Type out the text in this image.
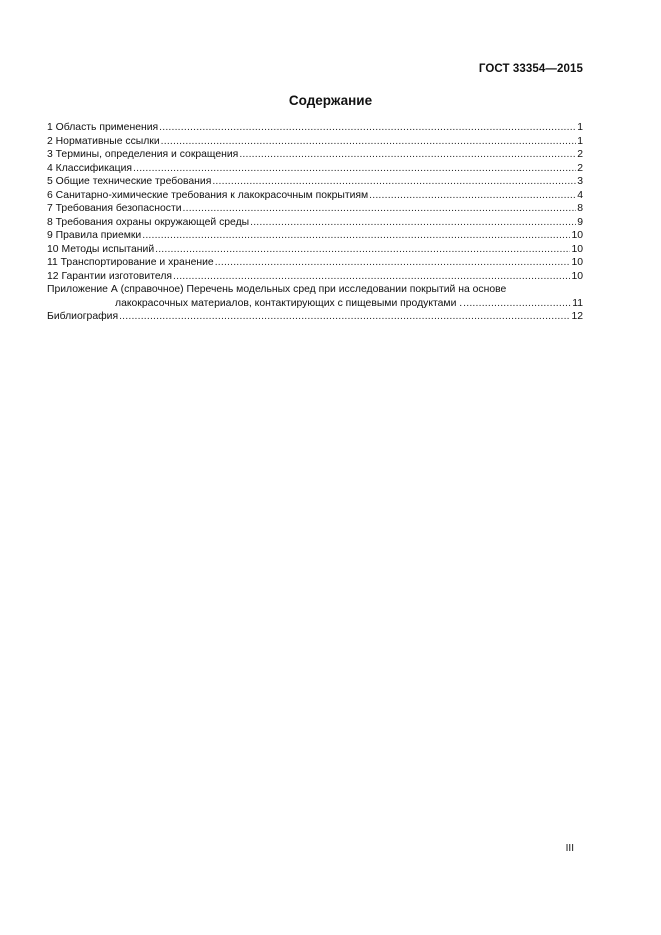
ГОСТ 33354—2015
Содержание
1 Область применения .....	1
2 Нормативные ссылки .....	1
3 Термины, определения и сокращения .....	2
4 Классификация .....	2
5 Общие технические требования .....	3
6 Санитарно-химические требования к лакокрасочным покрытиям .....	4
7 Требования безопасности .....	8
8 Требования охраны окружающей среды .....	9
9 Правила приемки .....	10
10 Методы испытаний .....	10
11 Транспортирование и хранение .....	10
12 Гарантии изготовителя .....	10
Приложение А (справочное) Перечень модельных сред при исследовании покрытий на основе
лакокрасочных материалов, контактирующих с пищевыми продуктами . .....	11
Библиография .....	12
III
